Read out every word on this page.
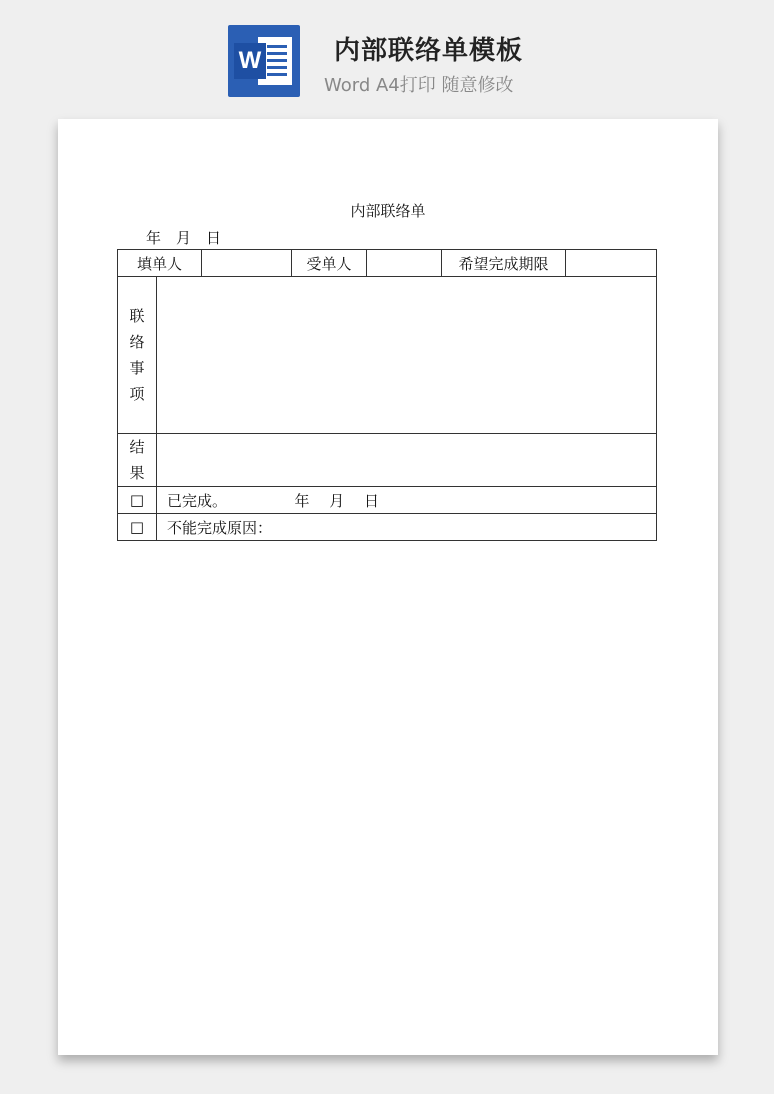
W	内部联络单模板
Word A4打印 随意修改
内部联络单
年　月　日
填单人			受单人		希望完成期限	

联
络
事
项						

结
果						

□	已完成。　　　　　年　 月　 日					
□	不能完成原因：					
